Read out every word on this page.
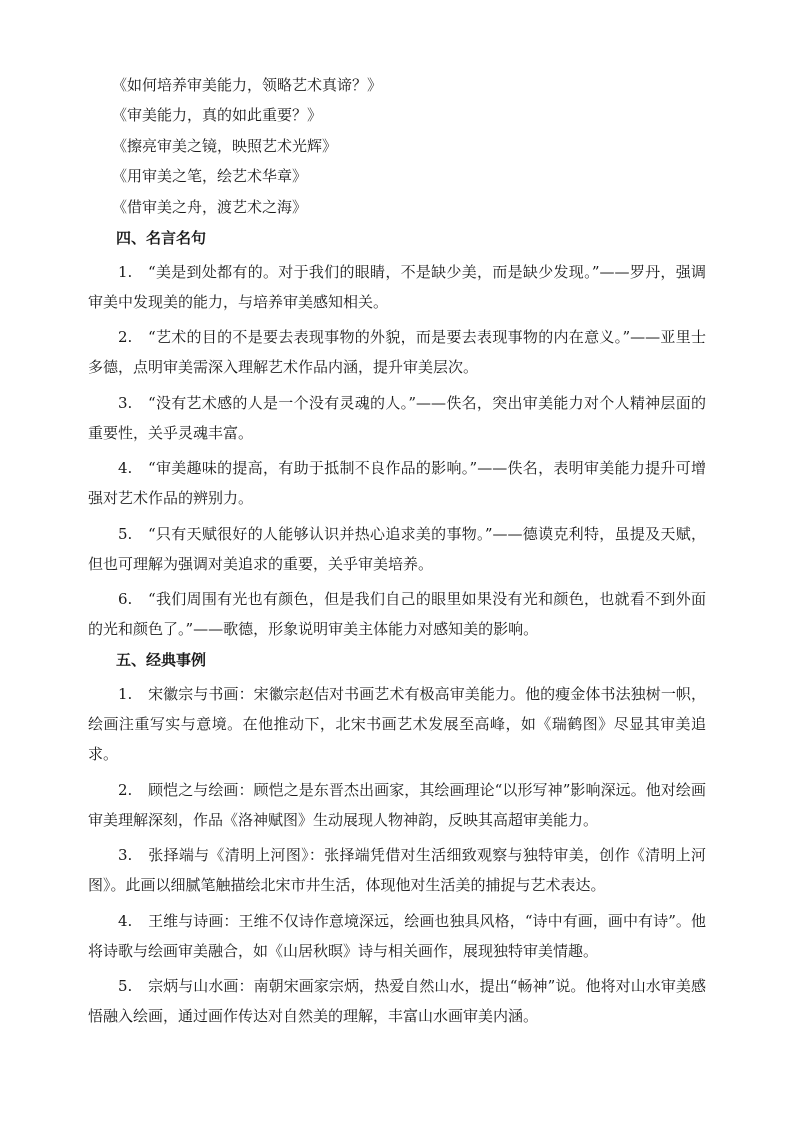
《如何培养审美能力，领略艺术真谛？》

《审美能力，真的如此重要？》

《擦亮审美之镜，映照艺术光辉》

《用审美之笔，绘艺术华章》

《借审美之舟，渡艺术之海》

四、名言名句

1. “美是到处都有的。对于我们的眼睛，不是缺少美，而是缺少发现。”——罗丹，强调审美中发现美的能力，与培养审美感知相关。

2. “艺术的目的不是要去表现事物的外貌，而是要去表现事物的内在意义。”——亚里士多德，点明审美需深入理解艺术作品内涵，提升审美层次。

3. “没有艺术感的人是一个没有灵魂的人。”——佚名，突出审美能力对个人精神层面的重要性，关乎灵魂丰富。

4. “审美趣味的提高，有助于抵制不良作品的影响。”——佚名，表明审美能力提升可增强对艺术作品的辨别力。

5. “只有天赋很好的人能够认识并热心追求美的事物。”——德谟克利特，虽提及天赋，但也可理解为强调对美追求的重要，关乎审美培养。

6. “我们周围有光也有颜色，但是我们自己的眼里如果没有光和颜色，也就看不到外面的光和颜色了。”——歌德，形象说明审美主体能力对感知美的影响。

五、经典事例

1. 宋徽宗与书画：宋徽宗赵佶对书画艺术有极高审美能力。他的瘦金体书法独树一帜，绘画注重写实与意境。在他推动下，北宋书画艺术发展至高峰，如《瑞鹤图》尽显其审美追求。

2. 顾恺之与绘画：顾恺之是东晋杰出画家，其绘画理论“以形写神”影响深远。他对绘画审美理解深刻，作品《洛神赋图》生动展现人物神韵，反映其高超审美能力。

3. 张择端与《清明上河图》：张择端凭借对生活细致观察与独特审美，创作《清明上河图》。此画以细腻笔触描绘北宋市井生活，体现他对生活美的捕捉与艺术表达。

4. 王维与诗画：王维不仅诗作意境深远，绘画也独具风格，“诗中有画，画中有诗”。他将诗歌与绘画审美融合，如《山居秋暝》诗与相关画作，展现独特审美情趣。

5. 宗炳与山水画：南朝宋画家宗炳，热爱自然山水，提出“畅神”说。他将对山水审美感悟融入绘画，通过画作传达对自然美的理解，丰富山水画审美内涵。
